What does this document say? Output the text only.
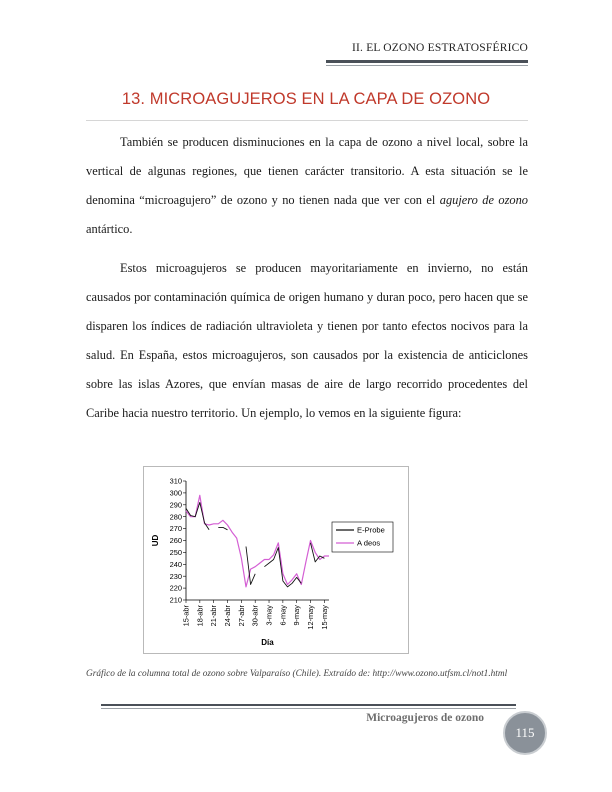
II. EL OZONO ESTRATOSFÉRICO
13. MICROAGUJEROS EN LA CAPA DE OZONO

También se producen disminuciones en la capa de ozono a nivel local, sobre la vertical de algunas regiones, que tienen carácter transitorio. A esta situación se le denomina “microagujero” de ozono y no tienen nada que ver con el agujero de ozono antártico.

Estos microagujeros se producen mayoritariamente en invierno, no están causados por contaminación química de origen humano y duran poco, pero hacen que se disparen los índices de radiación ultravioleta y tienen por tanto efectos nocivos para la salud. En España, estos microagujeros, son causados por la existencia de anticiclones sobre las islas Azores, que envían masas de aire de largo recorrido procedentes del Caribe hacia nuestro territorio. Un ejemplo, lo vemos en la siguiente figura:

210
220
230
240
250
260
270
280
290
300
310
15-abr 18-abr 21-abr 24-abr 27-abr 30-abr 3-may 6-may 9-may 12-may 15-may
Día
UD
E-Probe
A deos

Gráfico de la columna total de ozono sobre Valparaíso (Chile). Extraído de: http://www.ozono.utfsm.cl/not1.html

Microagujeros de ozono
115
